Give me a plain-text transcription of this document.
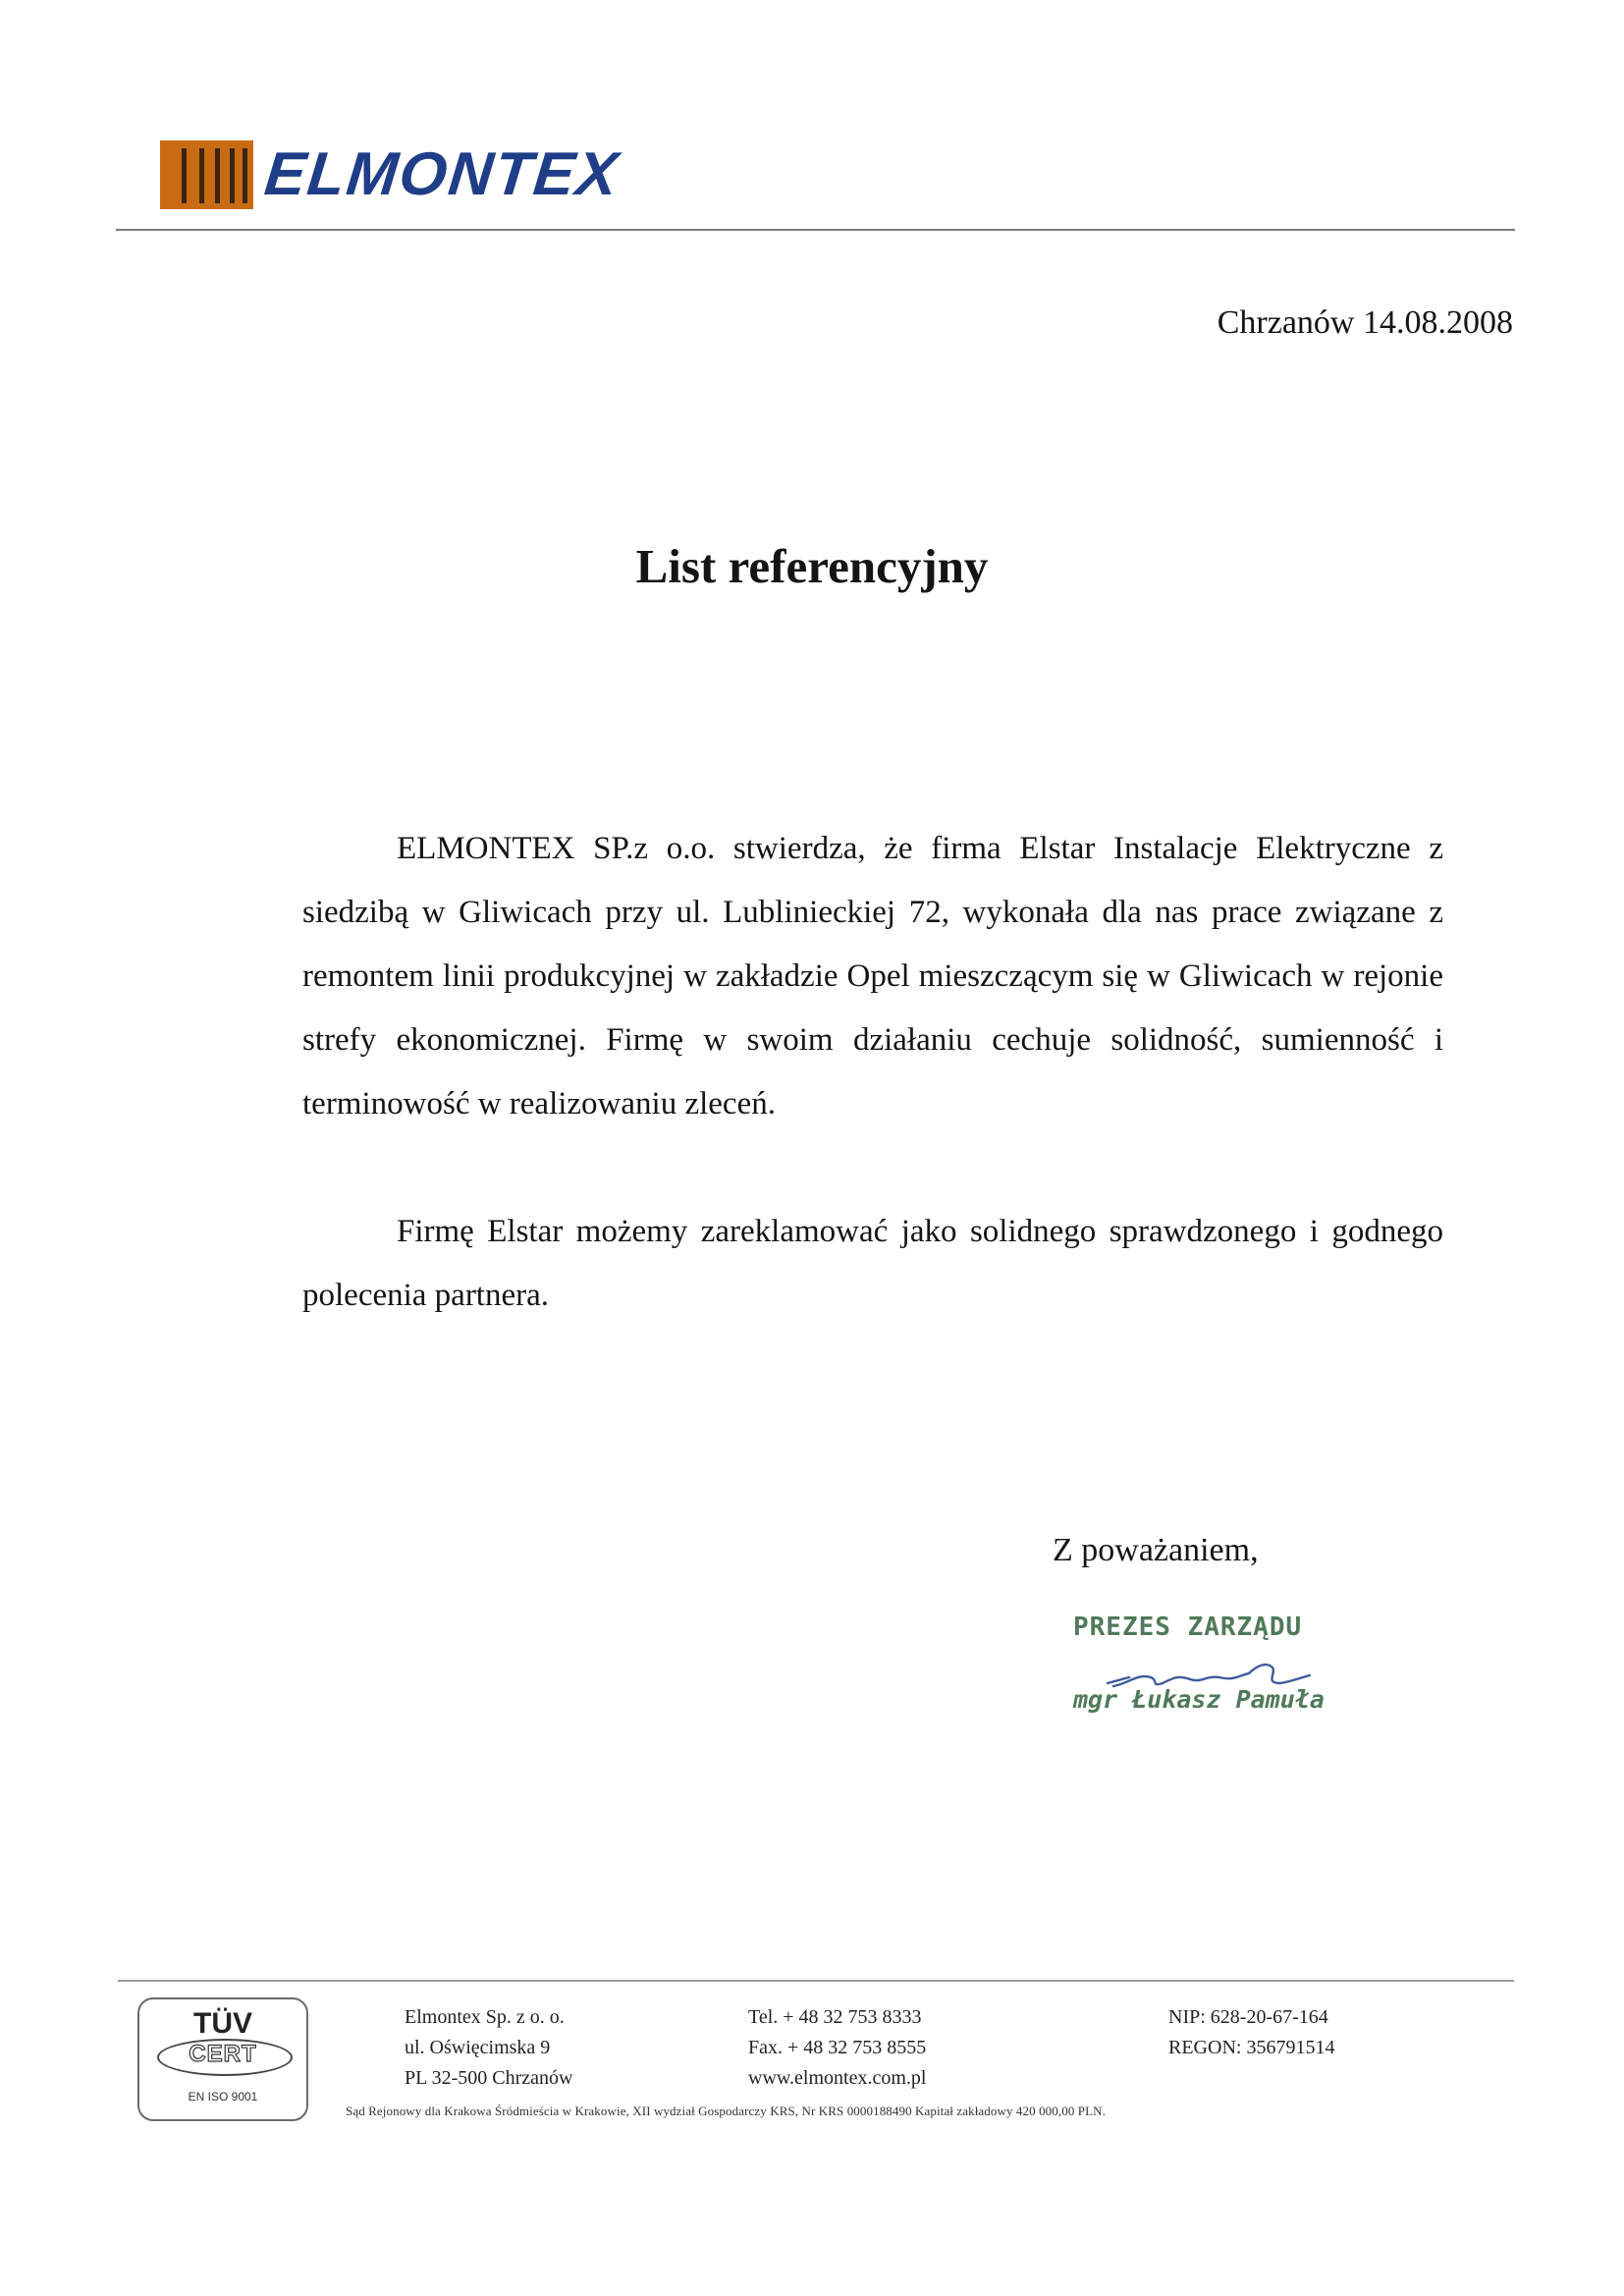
ELMONTEX
Chrzanów 14.08.2008
List referencyjny
ELMONTEX SP.z o.o. stwierdza, że firma Elstar Instalacje Elektryczne z siedzibą w Gliwicach przy ul. Lublinieckiej 72, wykonała dla nas prace związane z remontem linii produkcyjnej w zakładzie Opel mieszczącym się w Gliwicach w rejonie strefy ekonomicznej. Firmę w swoim działaniu cechuje solidność, sumienność i terminowość w realizowaniu zleceń.
Firmę Elstar możemy zareklamować jako solidnego sprawdzonego i godnego polecenia partnera.
Z poważaniem,
PREZES ZARZĄDU
mgr Łukasz Pamuła
TÜV
CERT
EN ISO 9001
Elmontex Sp. z o. o.
ul. Oświęcimska 9
PL 32-500 Chrzanów
Tel. + 48 32 753 8333
Fax. + 48 32 753 8555
www.elmontex.com.pl
NIP: 628-20-67-164
REGON: 356791514
Sąd Rejonowy dla Krakowa Śródmieścia w Krakowie, XII wydział Gospodarczy KRS, Nr KRS 0000188490 Kapitał zakładowy 420 000,00 PLN.
